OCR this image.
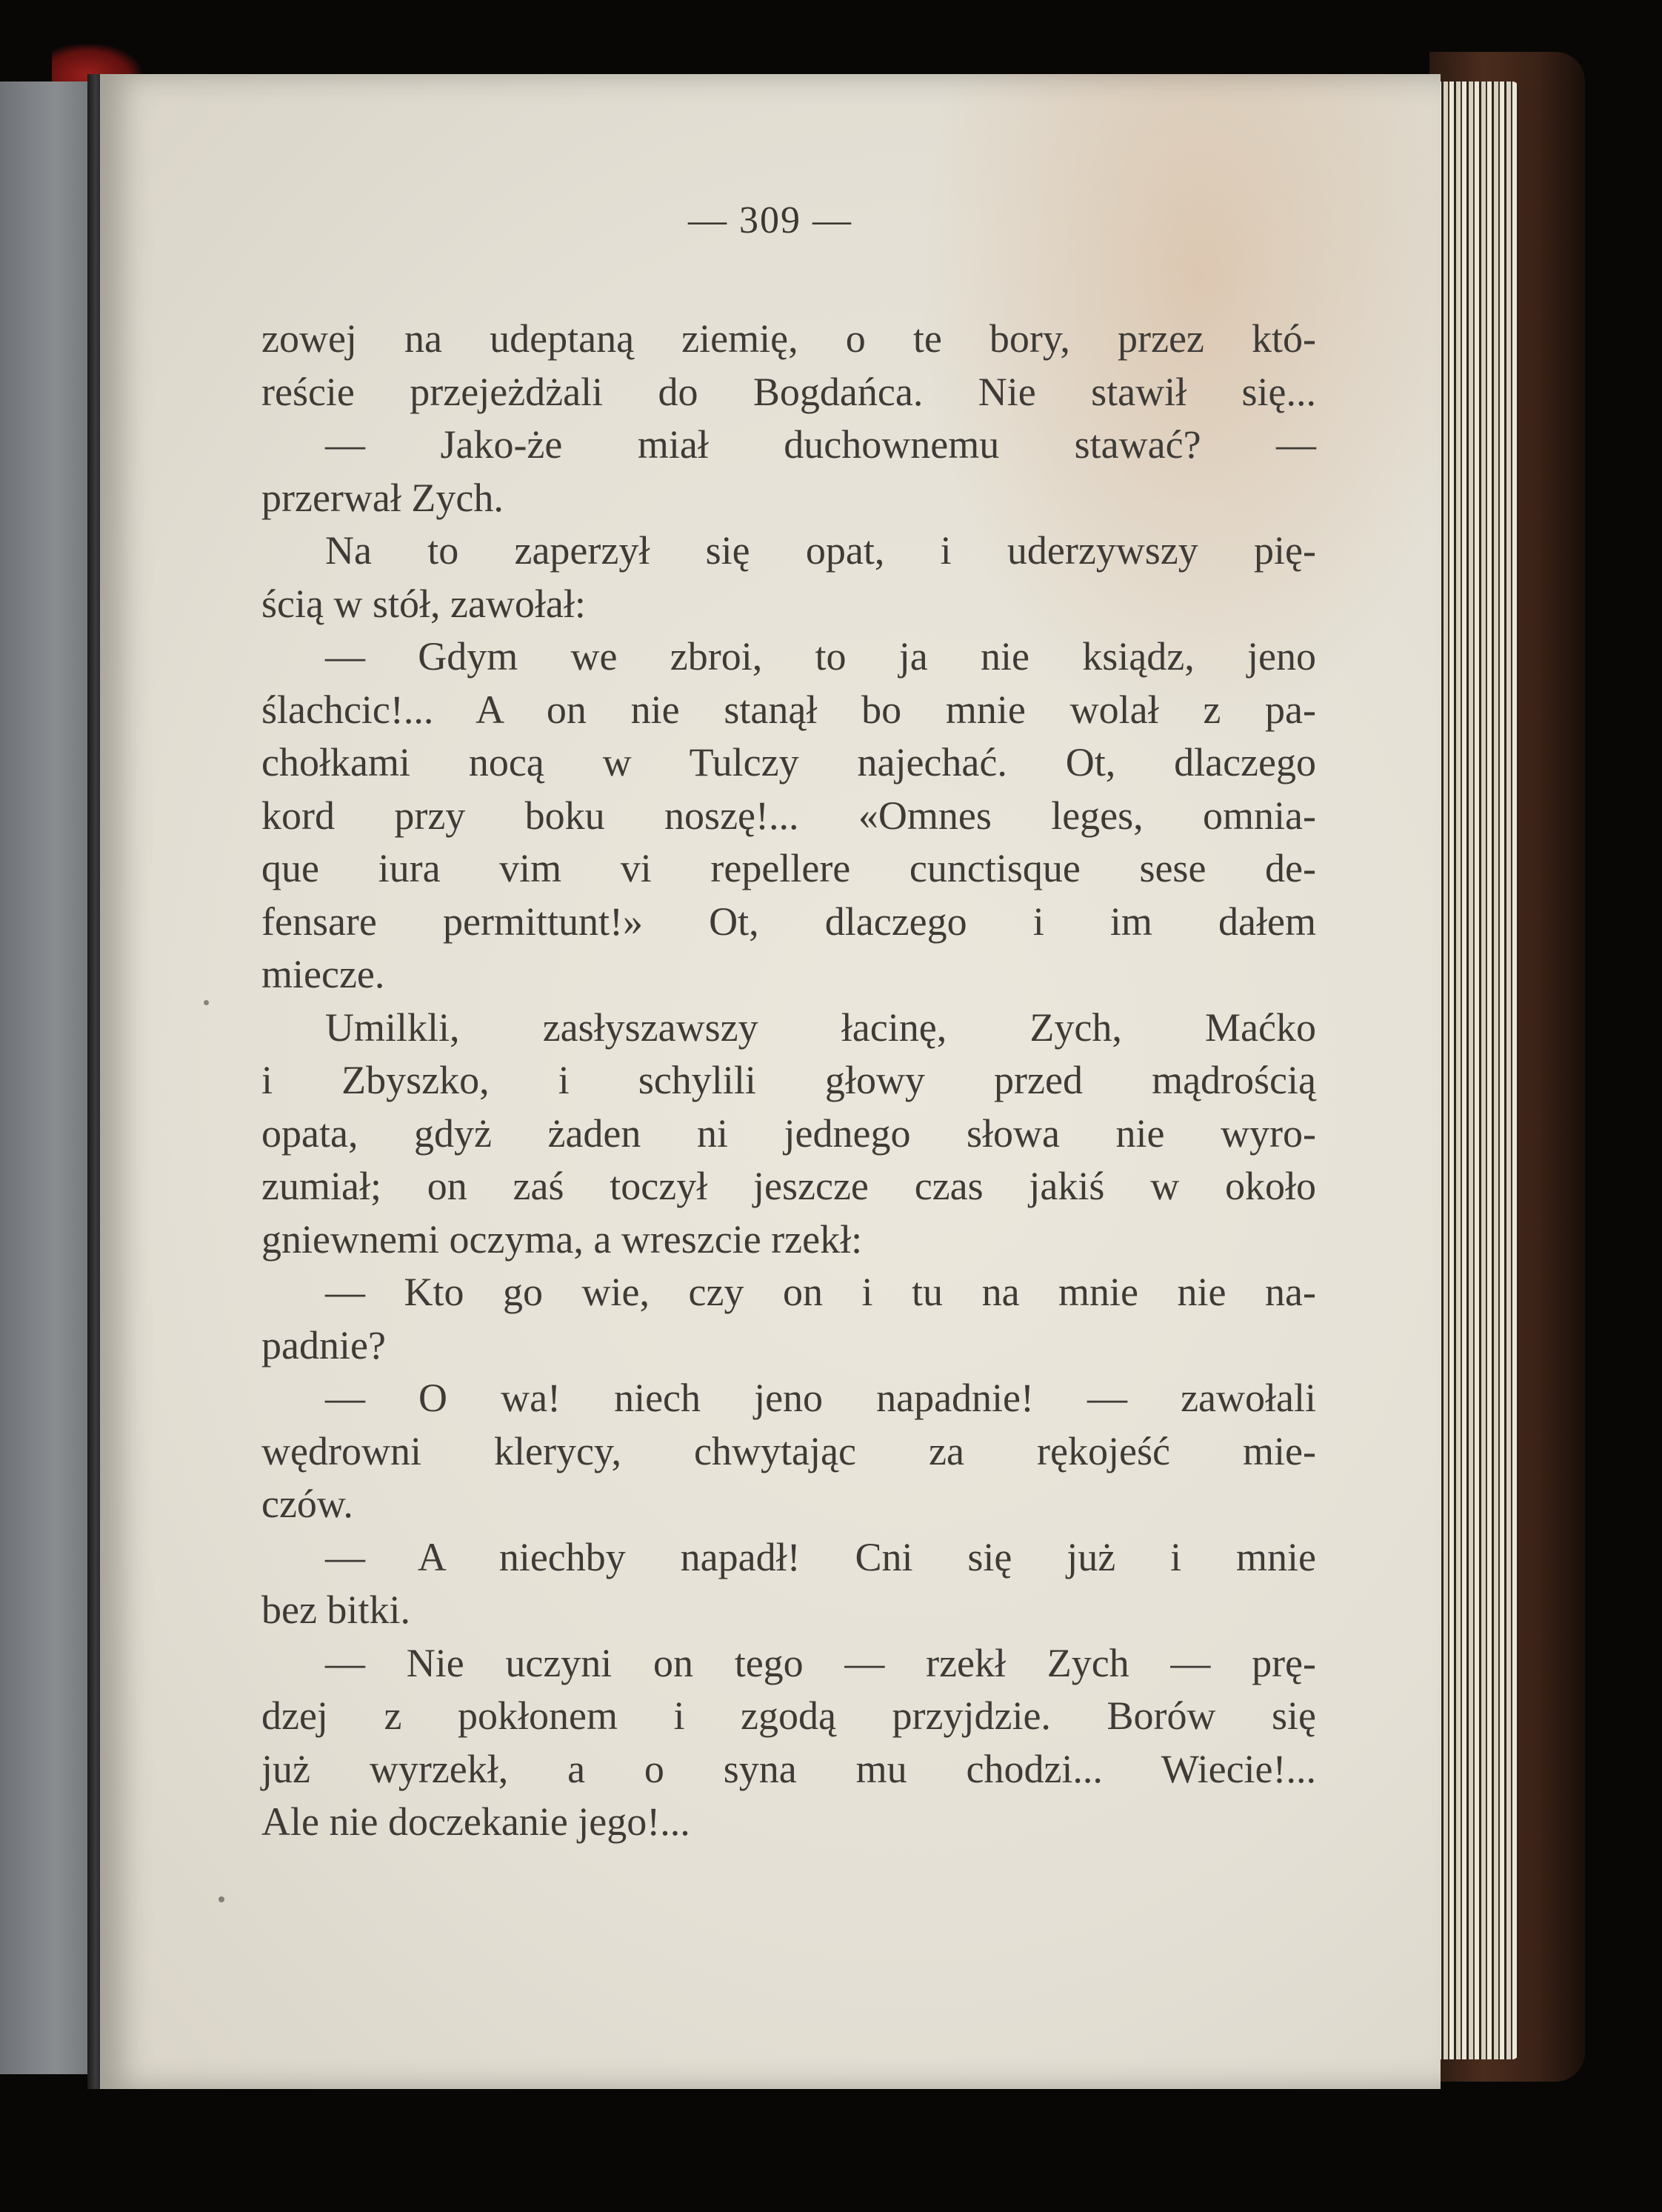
— 309 —

zowej na udeptaną ziemię, o te bory, przez któ-
reście przejeżdżali do Bogdańca. Nie stawił się...
— Jako-że miał duchownemu stawać? —
przerwał Zych.
Na to zaperzył się opat, i uderzywszy pię-
ścią w stół, zawołał:
— Gdym we zbroi, to ja nie ksiądz, jeno
ślachcic!... A on nie stanął bo mnie wolał z pa-
chołkami nocą w Tulczy najechać. Ot, dlaczego
kord przy boku noszę!... «Omnes leges, omnia-
que iura vim vi repellere cunctisque sese de-
fensare permittunt!» Ot, dlaczego i im dałem
miecze.
Umilkli, zasłyszawszy łacinę, Zych, Maćko
i Zbyszko, i schylili głowy przed mądrością
opata, gdyż żaden ni jednego słowa nie wyro-
zumiał; on zaś toczył jeszcze czas jakiś w około
gniewnemi oczyma, a wreszcie rzekł:
— Kto go wie, czy on i tu na mnie nie na-
padnie?
— O wa! niech jeno napadnie! — zawołali
wędrowni klerycy, chwytając za rękojeść mie-
czów.
— A niechby napadł! Cni się już i mnie
bez bitki.
— Nie uczyni on tego — rzekł Zych — prę-
dzej z pokłonem i zgodą przyjdzie. Borów się
już wyrzekł, a o syna mu chodzi... Wiecie!...
Ale nie doczekanie jego!...
